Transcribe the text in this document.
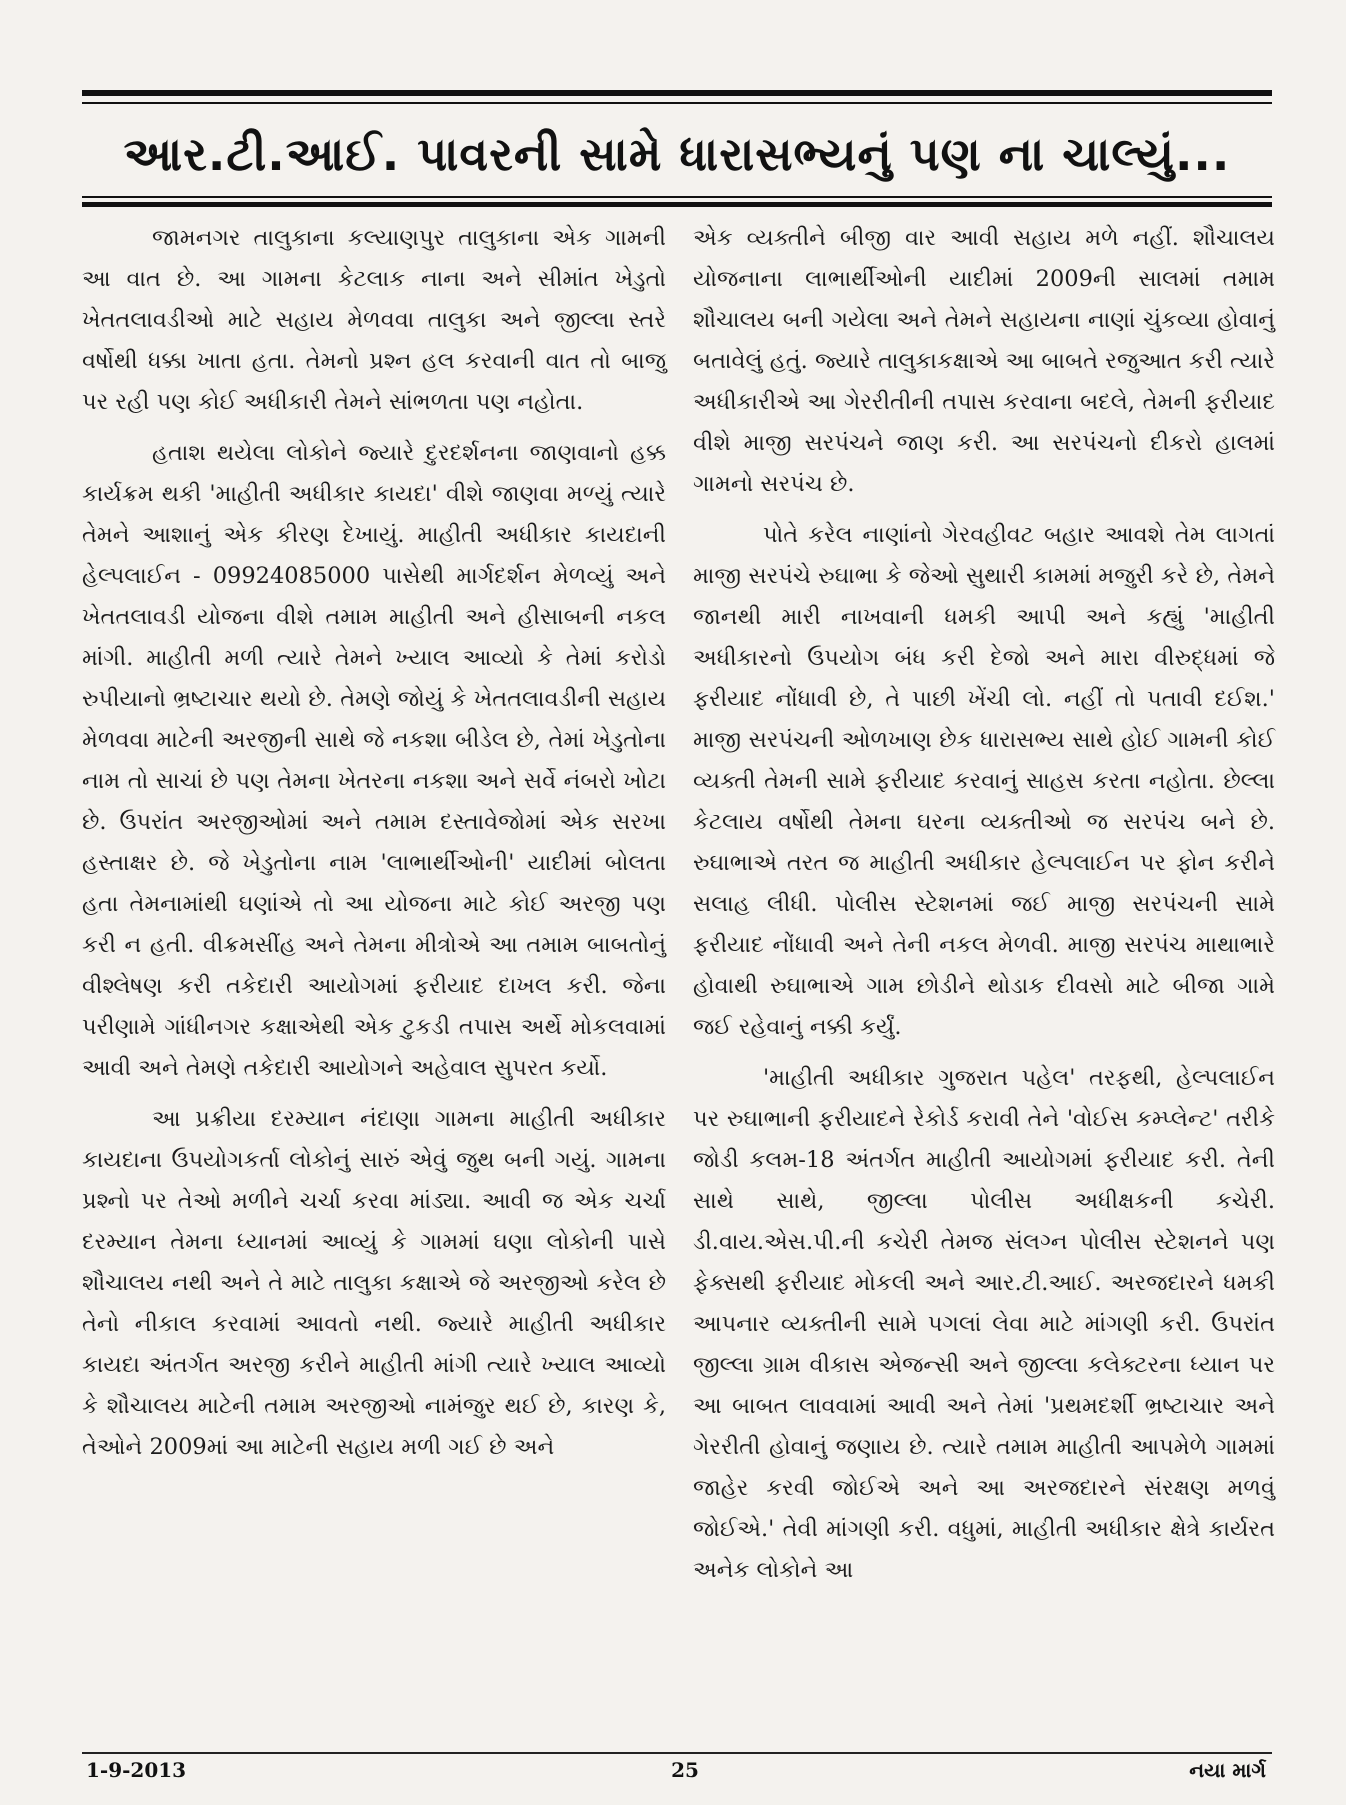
આર.ટી.આઈ. પાવરની સામે ધારાસભ્યનું પણ ના ચાલ્યું...

જામનગર તાલુકાના કલ્યાણપુર તાલુકાના એક ગામની આ વાત છે. આ ગામના કેટલાક નાના અને સીમાંત ખેડુતો ખેતતલાવડીઓ માટે સહાય મેળવવા તાલુકા અને જીલ્લા સ્તરે વર્ષોથી ધક્કા ખાતા હતા. તેમનો પ્રશ્ન હલ કરવાની વાત તો બાજુ પર રહી પણ કોઈ અધીકારી તેમને સાંભળતા પણ નહોતા.

હતાશ થયેલા લોકોને જ્યારે દુરદર્શનના જાણવાનો હક્ક કાર્યક્રમ થકી 'માહીતી અધીકાર કાયદા' વીશે જાણવા મળ્યું ત્યારે તેમને આશાનું એક કીરણ દેખાયું. માહીતી અધીકાર કાયદાની હેલ્પલાઈન - 09924085000 પાસેથી માર્ગદર્શન મેળવ્યું અને ખેતતલાવડી યોજના વીશે તમામ માહીતી અને હીસાબની નકલ માંગી. માહીતી મળી ત્યારે તેમને ખ્યાલ આવ્યો કે તેમાં કરોડો રુપીયાનો ભ્રષ્ટાચાર થયો છે. તેમણે જોયું કે ખેતતલાવડીની સહાય મેળવવા માટેની અરજીની સાથે જે નકશા બીડેલ છે, તેમાં ખેડુતોના નામ તો સાચાં છે પણ તેમના ખેતરના નકશા અને સર્વે નંબરો ખોટા છે. ઉપરાંત અરજીઓમાં અને તમામ દસ્તાવેજોમાં એક સરખા હસ્તાક્ષર છે. જે ખેડુતોના નામ 'લાભાર્થીઓની' યાદીમાં બોલતા હતા તેમનામાંથી ઘણાંએ તો આ યોજના માટે કોઈ અરજી પણ કરી ન હતી. વીક્રમસીંહ અને તેમના મીત્રોએ આ તમામ બાબતોનું વીશ્લેષણ કરી તકેદારી આયોગમાં ફરીયાદ દાખલ કરી. જેના પરીણામે ગાંધીનગર કક્ષાએથી એક ટુકડી તપાસ અર્થે મોકલવામાં આવી અને તેમણે તકેદારી આયોગને અહેવાલ સુપરત કર્યો.

આ પ્રક્રીયા દરમ્યાન નંદાણા ગામના માહીતી અધીકાર કાયદાના ઉપયોગકર્તા લોકોનું સારું એવું જુથ બની ગયું. ગામના પ્રશ્નો પર તેઓ મળીને ચર્ચા કરવા માંડ્યા. આવી જ એક ચર્ચા દરમ્યાન તેમના ધ્યાનમાં આવ્યું કે ગામમાં ઘણા લોકોની પાસે શૌચાલય નથી અને તે માટે તાલુકા કક્ષાએ જે અરજીઓ કરેલ છે તેનો નીકાલ કરવામાં આવતો નથી. જ્યારે માહીતી અધીકાર કાયદા અંતર્ગત અરજી કરીને માહીતી માંગી ત્યારે ખ્યાલ આવ્યો કે શૌચાલય માટેની તમામ અરજીઓ નામંજુર થઈ છે, કારણ કે, તેઓને 2009માં આ માટેની સહાય મળી ગઈ છે અને

એક વ્યક્તીને બીજી વાર આવી સહાય મળે નહીં. શૌચાલય યોજનાના લાભાર્થીઓની યાદીમાં 2009ની સાલમાં તમામ શૌચાલય બની ગયેલા અને તેમને સહાયના નાણાં ચુંકવ્યા હોવાનું બતાવેલું હતું. જ્યારે તાલુકાકક્ષાએ આ બાબતે રજુઆત કરી ત્યારે અધીકારીએ આ ગેરરીતીની તપાસ કરવાના બદલે, તેમની ફરીયાદ વીશે માજી સરપંચને જાણ કરી. આ સરપંચનો દીકરો હાલમાં ગામનો સરપંચ છે.

પોતે કરેલ નાણાંનો ગેરવહીવટ બહાર આવશે તેમ લાગતાં માજી સરપંચે રુઘાભા કે જેઓ સુથારી કામમાં મજુરી કરે છે, તેમને જાનથી મારી નાખવાની ધમકી આપી અને કહ્યું 'માહીતી અધીકારનો ઉપયોગ બંધ કરી દેજો અને મારા વીરુદ્ધમાં જે ફરીયાદ નોંધાવી છે, તે પાછી ખેંચી લો. નહીં તો પતાવી દઈશ.' માજી સરપંચની ઓળખાણ છેક ધારાસભ્ય સાથે હોઈ ગામની કોઈ વ્યક્તી તેમની સામે ફરીયાદ કરવાનું સાહસ કરતા નહોતા. છેલ્લા કેટલાય વર્ષોથી તેમના ઘરના વ્યક્તીઓ જ સરપંચ બને છે. રુઘાભાએ તરત જ માહીતી અધીકાર હેલ્પલાઈન પર ફોન કરીને સલાહ લીધી. પોલીસ સ્ટેશનમાં જઈ માજી સરપંચની સામે ફરીયાદ નોંધાવી અને તેની નકલ મેળવી. માજી સરપંચ માથાભારે હોવાથી રુઘાભાએ ગામ છોડીને થોડાક દીવસો માટે બીજા ગામે જઈ રહેવાનું નક્કી કર્યું.

'માહીતી અધીકાર ગુજરાત પહેલ' તરફથી, હેલ્પલાઈન પર રુઘાભાની ફરીયાદને રેકોર્ડ કરાવી તેને 'વોઈસ કમ્પ્લેન્ટ' તરીકે જોડી કલમ-18 અંતર્ગત માહીતી આયોગમાં ફરીયાદ કરી. તેની સાથે સાથે, જીલ્લા પોલીસ અધીક્ષકની કચેરી. ડી.વાય.એસ.પી.ની કચેરી તેમજ સંલગ્ન પોલીસ સ્ટેશનને પણ ફેક્સથી ફરીયાદ મોકલી અને આર.ટી.આઈ. અરજદારને ધમકી આપનાર વ્યક્તીની સામે પગલાં લેવા માટે માંગણી કરી. ઉપરાંત જીલ્લા ગ્રામ વીકાસ એજન્સી અને જીલ્લા કલેક્ટરના ધ્યાન પર આ બાબત લાવવામાં આવી અને તેમાં 'પ્રથમદર્શી ભ્રષ્ટાચાર અને ગેરરીતી હોવાનું જણાય છે. ત્યારે તમામ માહીતી આપમેળે ગામમાં જાહેર કરવી જોઈએ અને આ અરજદારને સંરક્ષણ મળવું જોઈએ.' તેવી માંગણી કરી. વધુમાં, માહીતી અધીકાર ક્ષેત્રે કાર્યરત અનેક લોકોને આ

1-9-2013	25	નયા માર્ગ
